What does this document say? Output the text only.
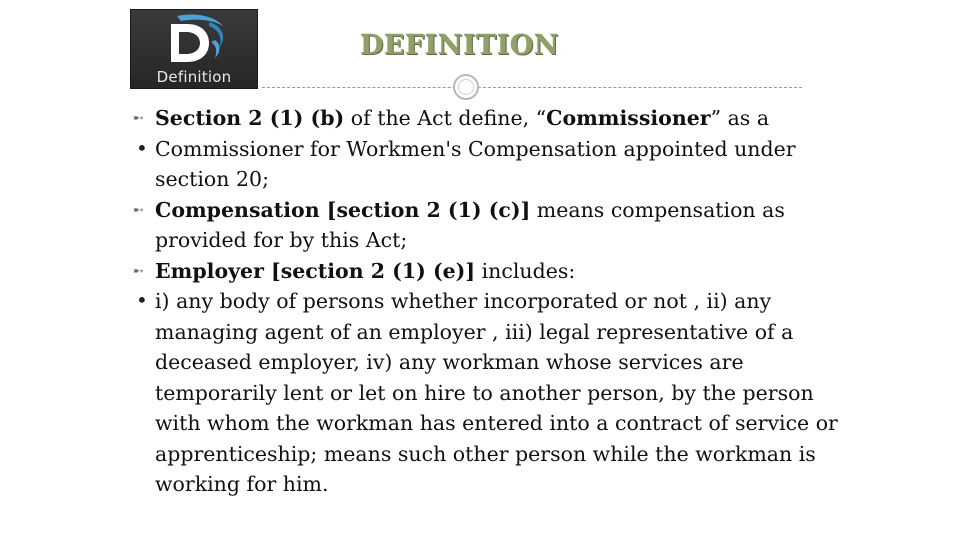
Definition
DEFINITION
➸ Section 2 (1) (b) of the Act define, “Commissioner” as a
• Commissioner for Workmen's Compensation appointed under section 20;
➸ Compensation [section 2 (1) (c)] means compensation as provided for by this Act;
➸ Employer [section 2 (1) (e)] includes:
• i) any body of persons whether incorporated or not , ii) any managing agent of an employer , iii) legal representative of a deceased employer, iv) any workman whose services are temporarily lent or let on hire to another person, by the person with whom the workman has entered into a contract of service or apprenticeship; means such other person while the workman is working for him.
